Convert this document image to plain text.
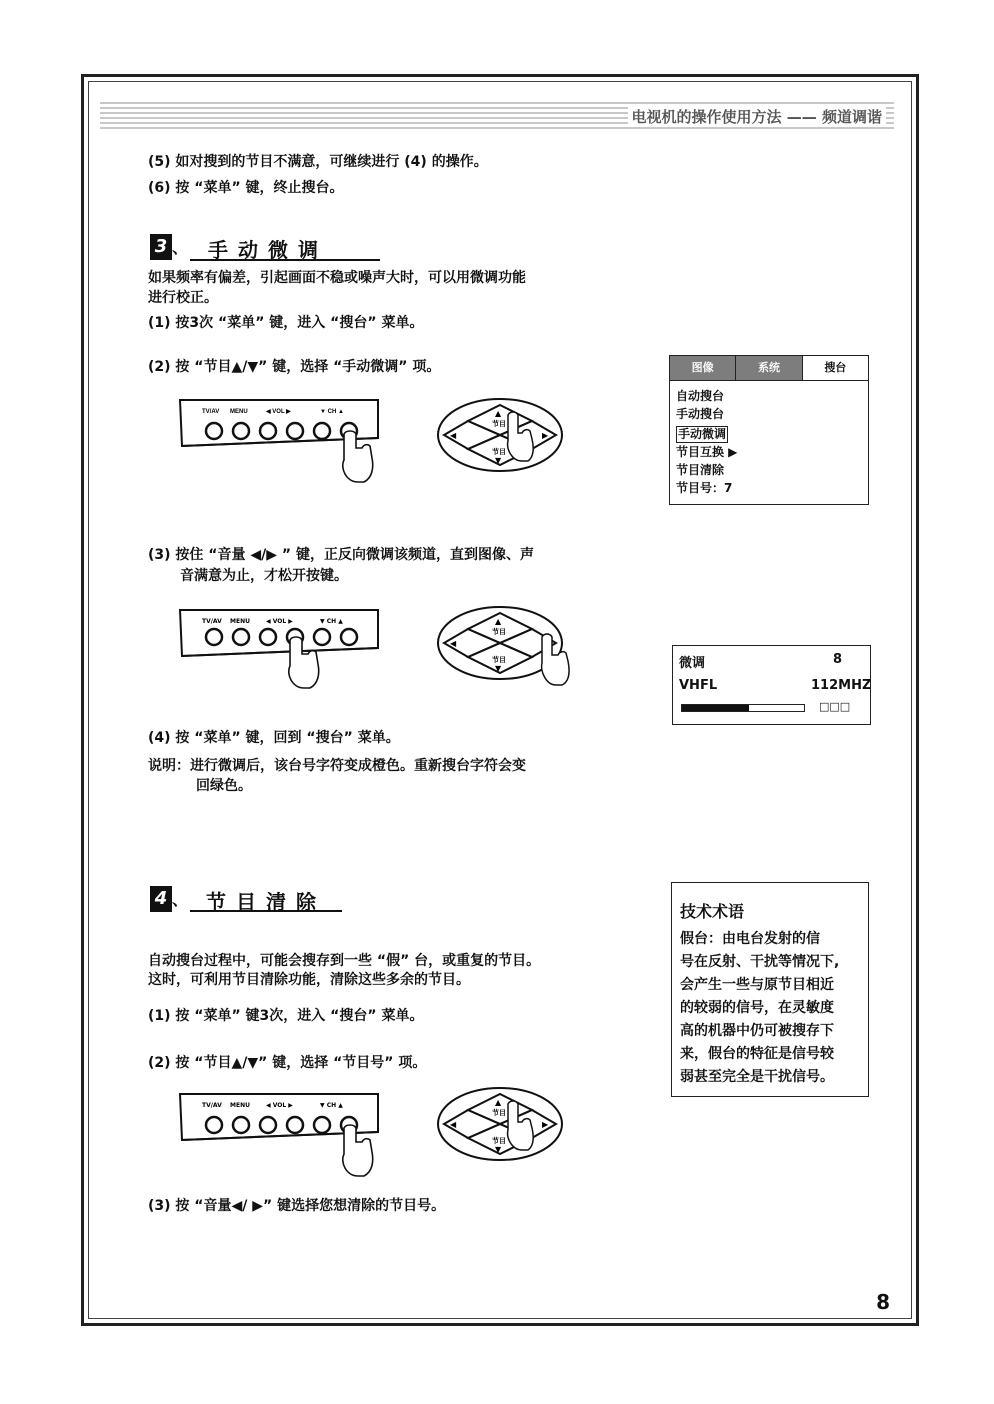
电视机的操作使用方法 —— 频道调谐
(5) 如对搜到的节目不满意，可继续进行 (4) 的操作。
(6) 按 “菜单” 键，终止搜台。
3 、 手动微调
如果频率有偏差，引起画面不稳或噪声大时，可以用微调功能
进行校正。
(1) 按3次 “菜单” 键，进入 “搜台” 菜单。
(2) 按 “节目▲/▼” 键，选择 “手动微调” 项。	图像	系统	搜台
自动搜台
手动搜台
手动微调
节目互换 ▶
节目清除
节目号：7
TV/AV MENU	◀ VOL ▶	▼ CH ▲	▲
节目
节目
▼
◀	▶
(3) 按住 “音量 ◀/▶ ” 键，正反向微调该频道，直到图像、声
音满意为止，才松开按键。
TV/AV MENU	◀ VOL ▶	▼ CH ▲	▲
节目
节目
▼
◀
微调	8
VHFL	112MHZ
□□□
(4) 按 “菜单” 键，回到 “搜台” 菜单。
说明：进行微调后，该台号字符变成橙色。重新搜台字符会变
回绿色。
4 、 节目清除
自动搜台过程中，可能会搜存到一些 “假” 台，或重复的节目。
这时，可利用节目清除功能，清除这些多余的节目。
(1) 按 “菜单” 键3次，进入 “搜台” 菜单。
(2) 按 “节目▲/▼” 键，选择 “节目号” 项。
技术术语
假台：由电台发射的信
号在反射、干扰等情况下,
会产生一些与原节目相近
的较弱的信号，在灵敏度
高的机器中仍可被搜存下
来，假台的特征是信号较
弱甚至完全是干扰信号。
TV/AV MENU	◀ VOL ▶	▼ CH ▲	▲
节目
节目
▼
◀	▶
(3) 按 “音量◀/ ▶” 键选择您想清除的节目号。
8
